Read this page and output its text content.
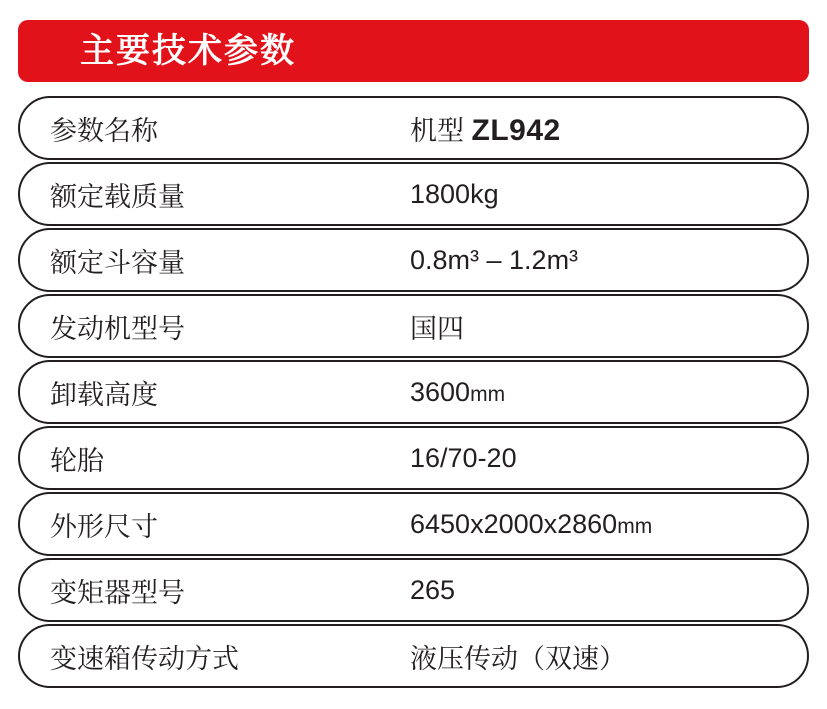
主要技术参数
参数名称	机型 ZL942
额定载质量	1800kg
额定斗容量	0.8m³ – 1.2m³
发动机型号	国四
卸载高度	3600mm
轮胎	16/70-20
外形尺寸	6450x2000x2860mm
变矩器型号	265
变速箱传动方式	液压传动（双速）
